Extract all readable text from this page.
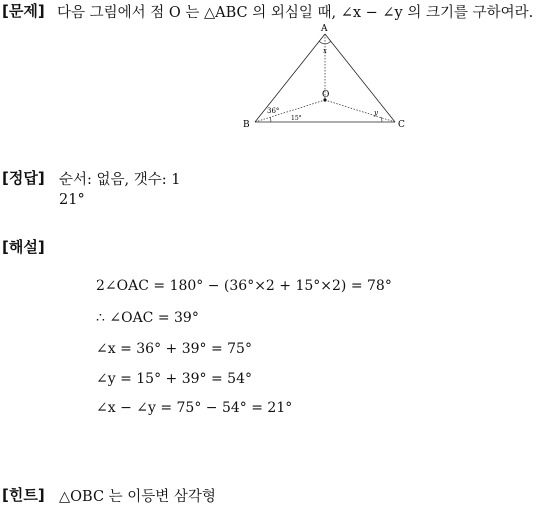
[문제] 다음 그림에서 점 O 는 △ABC 의 외심일 때, ∠x − ∠y 의 크기를 구하여라.
A
B	C
O
x
y
36°
15°
[정답] 순서: 없음, 갯수: 1
21°
[해설]
2∠OAC = 180° − (36°×2 + 15°×2) = 78°
∴ ∠OAC = 39°
∠x = 36° + 39° = 75°
∠y = 15° + 39° = 54°
∠x − ∠y = 75° − 54° = 21°
[힌트] △OBC 는 이등변 삼각형
